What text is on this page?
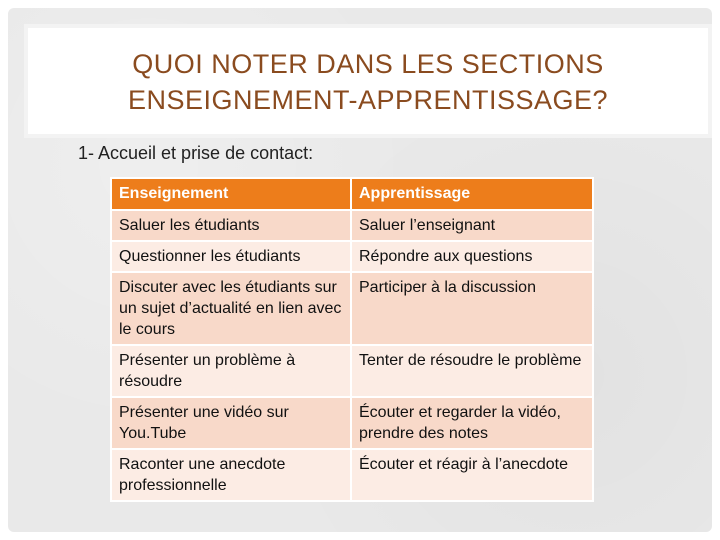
QUOI NOTER DANS LES SECTIONS
ENSEIGNEMENT-APPRENTISSAGE?
1- Accueil et prise de contact:
Enseignement	Apprentissage
Saluer les étudiants	Saluer l’enseignant
Questionner les étudiants	Répondre aux questions
Discuter avec les étudiants sur un sujet d’actualité en lien avec le cours	Participer à la discussion
Présenter un problème à résoudre	Tenter de résoudre le problème
Présenter une vidéo sur You.Tube	Écouter et regarder la vidéo, prendre des notes
Raconter une anecdote professionnelle	Écouter et réagir à l’anecdote
